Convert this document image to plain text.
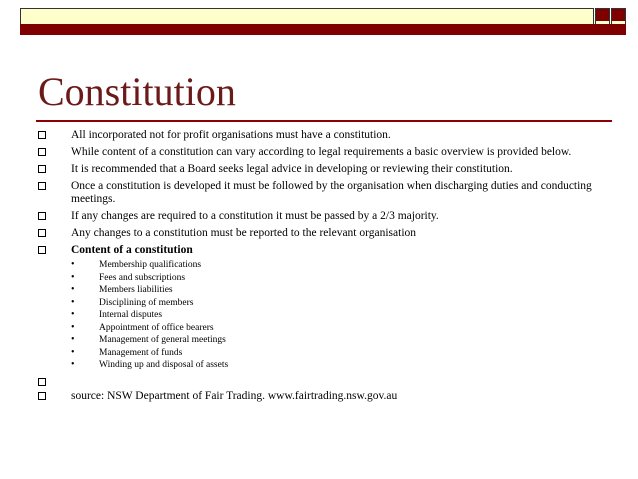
Constitution
All incorporated not for profit organisations must have a constitution.
While content of a constitution can vary according to legal requirements a basic overview is provided below.
It is recommended that a Board seeks legal advice in developing or reviewing their constitution.
Once a constitution is developed it must be followed by the organisation when discharging duties and conducting meetings.
If any changes are required to a constitution it must be passed by a 2/3 majority.
Any changes to a constitution must be reported to the relevant organisation
Content of a constitution
•	Membership qualifications
•	Fees and subscriptions
•	Members liabilities
•	Disciplining of members
•	Internal disputes
•	Appointment of office bearers
•	Management of general meetings
•	Management of funds
•	Winding up and disposal of assets
source: NSW Department of Fair Trading. www.fairtrading.nsw.gov.au
